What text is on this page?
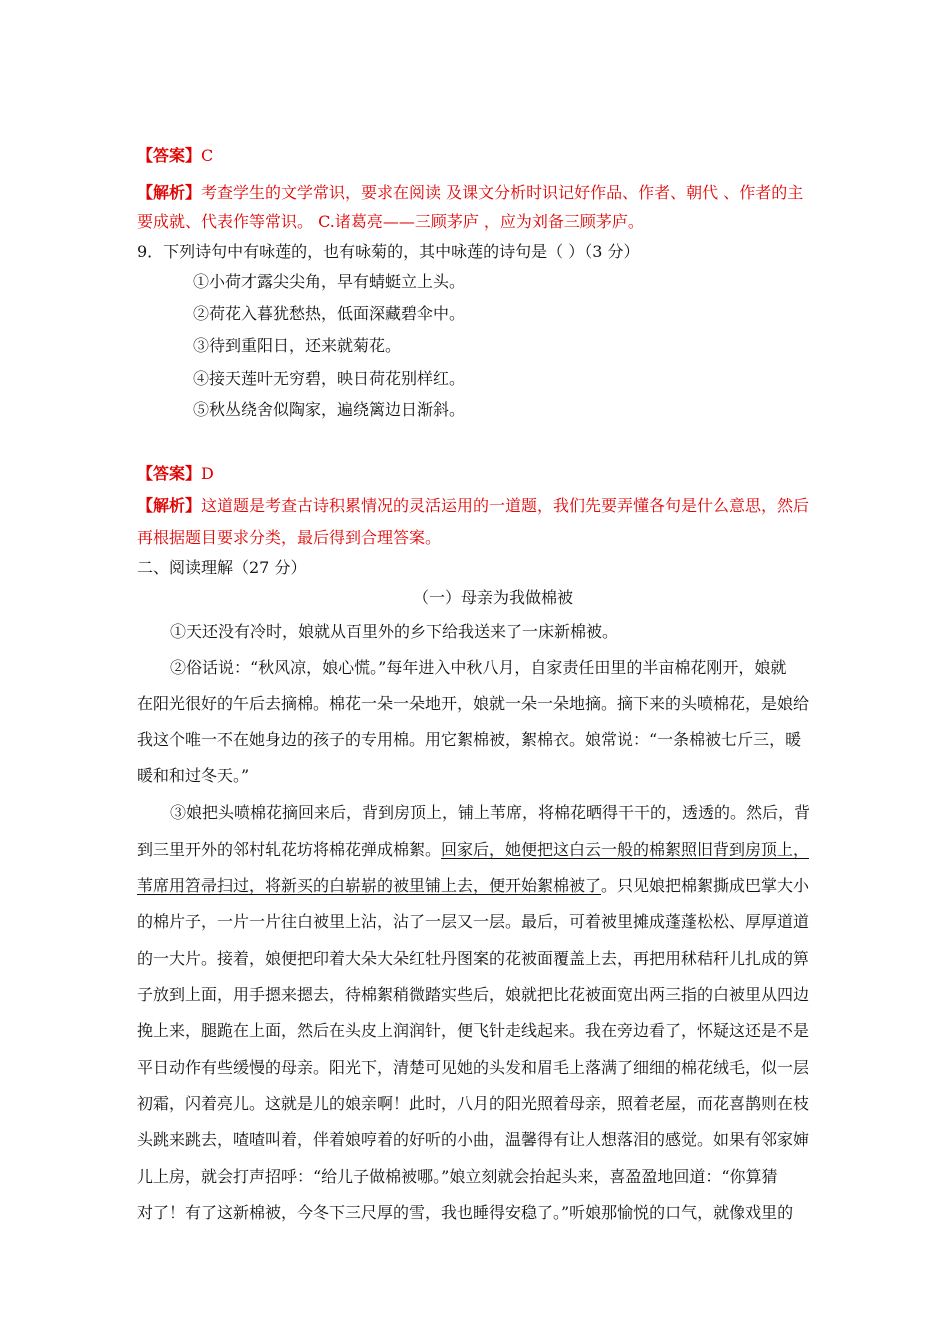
【答案】C
【解析】考查学生的文学常识，要求在阅读 及课文分析时识记好作品、作者、朝代 、作者的主
要成就、代表作等常识。 C.诸葛亮——三顾茅庐 ，应为刘备三顾茅庐。
9．下列诗句中有咏莲的，也有咏菊的，其中咏莲的诗句是（ ）（3 分）
①小荷才露尖尖角，早有蜻蜓立上头。
②荷花入暮犹愁热，低面深藏碧伞中。
③待到重阳日，还来就菊花。
④接天莲叶无穷碧，映日荷花别样红。
⑤秋丛绕舍似陶家，遍绕篱边日渐斜。
【答案】D
【解析】这道题是考查古诗积累情况的灵活运用的一道题，我们先要弄懂各句是什么意思，然后
再根据题目要求分类，最后得到合理答案。
二、阅读理解（27 分）
（一）母亲为我做棉被
①天还没有冷时，娘就从百里外的乡下给我送来了一床新棉被。
②俗话说：“秋风凉，娘心慌。”每年进入中秋八月，自家责任田里的半亩棉花刚开，娘就
在阳光很好的午后去摘棉。棉花一朵一朵地开，娘就一朵一朵地摘。摘下来的头喷棉花，是娘给
我这个唯一不在她身边的孩子的专用棉。用它絮棉被，絮棉衣。娘常说：“一条棉被七斤三，暖
暖和和过冬天。”
③娘把头喷棉花摘回来后，背到房顶上，铺上苇席，将棉花晒得干干的，透透的。然后，背
到三里开外的邻村轧花坊将棉花弹成棉絮。回家后，她便把这白云一般的棉絮照旧背到房顶上，
苇席用笤帚扫过，将新买的白崭崭的被里铺上去，便开始絮棉被了。只见娘把棉絮撕成巴掌大小
的棉片子，一片一片往白被里上沾，沾了一层又一层。最后，可着被里摊成蓬蓬松松、厚厚道道
的一大片。接着，娘便把印着大朵大朵红牡丹图案的花被面覆盖上去，再把用秫秸秆儿扎成的箅
子放到上面，用手摁来摁去，待棉絮稍微踏实些后，娘就把比花被面宽出两三指的白被里从四边
挽上来，腿跪在上面，然后在头皮上润润针，便飞针走线起来。我在旁边看了，怀疑这还是不是
平日动作有些缓慢的母亲。阳光下，清楚可见她的头发和眉毛上落满了细细的棉花绒毛，似一层
初霜，闪着亮儿。这就是儿的娘亲啊！此时，八月的阳光照着母亲，照着老屋，而花喜鹊则在枝
头跳来跳去，喳喳叫着，伴着娘哼着的好听的小曲，温馨得有让人想落泪的感觉。如果有邻家婶
儿上房，就会打声招呼：“给儿子做棉被哪。”娘立刻就会抬起头来，喜盈盈地回道：“你算猜
对了！有了这新棉被，今冬下三尺厚的雪，我也睡得安稳了。”听娘那愉悦的口气，就像戏里的
